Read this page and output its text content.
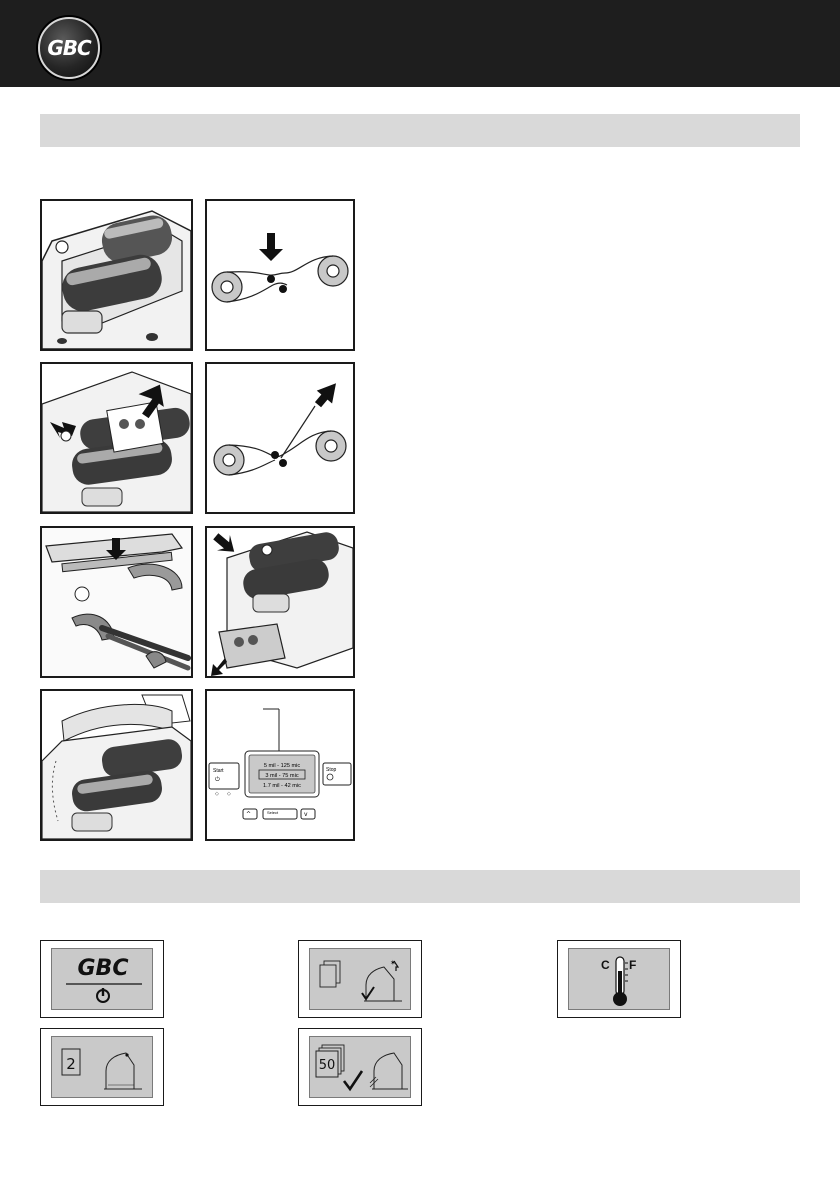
GBC
Start
⏻
◇ ◇
5 mil - 125 mic
3 mil - 75 mic
1.7 mil - 42 mic
Stop
^	Select	v
GBC	✶	C F
2	50
